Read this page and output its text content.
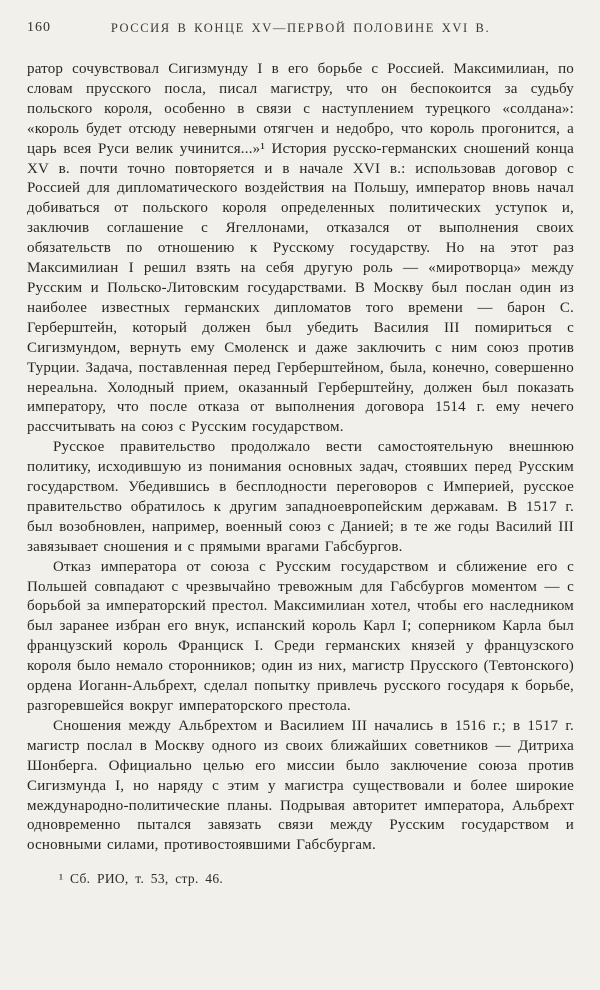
160	РОССИЯ В КОНЦЕ XV—ПЕРВОЙ ПОЛОВИНЕ XVI В.

ратор сочувствовал Сигизмунду I в его борьбе с Россией. Максимилиан, по словам прусского посла, писал магистру, что он беспокоится за судьбу польского короля, особенно в связи с наступлением турецкого «солдана»: «король будет отсюду неверными отягчен и недобро, что король прогонится, а царь всея Руси велик учинится...»¹ История русско-германских сношений конца XV в. почти точно повторяется и в начале XVI в.: использовав договор с Россией для дипломатического воздействия на Польшу, император вновь начал добиваться от польского короля определенных политических уступок и, заключив соглашение с Ягеллонами, отказался от выполнения своих обязательств по отношению к Русскому государству. Но на этот раз Максимилиан I решил взять на себя другую роль — «миротворца» между Русским и Польско-Литовским государствами. В Москву был послан один из наиболее известных германских дипломатов того времени — барон С. Герберштейн, который должен был убедить Василия III помириться с Сигизмундом, вернуть ему Смоленск и даже заключить с ним союз против Турции. Задача, поставленная перед Герберштейном, была, конечно, совершенно нереальна. Холодный прием, оказанный Герберштейну, должен был показать императору, что после отказа от выполнения договора 1514 г. ему нечего рассчитывать на союз с Русским государством.

Русское правительство продолжало вести самостоятельную внешнюю политику, исходившую из понимания основных задач, стоявших перед Русским государством. Убедившись в бесплодности переговоров с Империей, русское правительство обратилось к другим западноевропейским державам. В 1517 г. был возобновлен, например, военный союз с Данией; в те же годы Василий III завязывает сношения и с прямыми врагами Габсбургов.

Отказ императора от союза с Русским государством и сближение его с Польшей совпадают с чрезвычайно тревожным для Габсбургов моментом — с борьбой за императорский престол. Максимилиан хотел, чтобы его наследником был заранее избран его внук, испанский король Карл I; соперником Карла был французский король Франциск I. Среди германских князей у французского короля было немало сторонников; один из них, магистр Прусского (Тевтонского) ордена Иоганн-Альбрехт, сделал попытку привлечь русского государя к борьбе, разгоревшейся вокруг императорского престола.

Сношения между Альбрехтом и Василием III начались в 1516 г.; в 1517 г. магистр послал в Москву одного из своих ближайших советников — Дитриха Шонберга. Официально целью его миссии было заключение союза против Сигизмунда I, но наряду с этим у магистра существовали и более широкие международно-политические планы. Подрывая авторитет императора, Альбрехт одновременно пытался завязать связи между Русским государством и основными силами, противостоявшими Габсбургам.

¹ Сб. РИО, т. 53, стр. 46.
